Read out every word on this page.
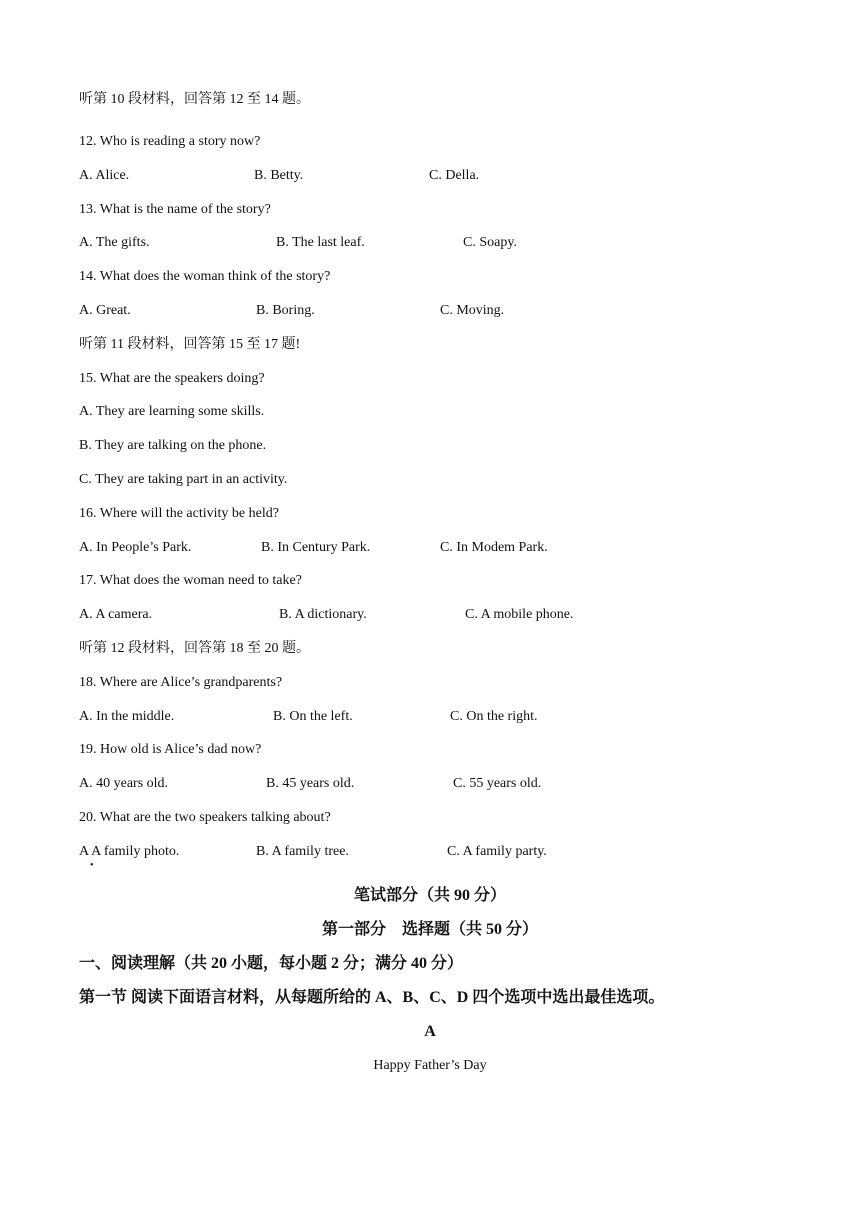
听第 10 段材料，回答第 12 至 14 题。
12. Who is reading a story now?
A. Alice.	B. Betty.	C. Della.
13. What is the name of the story?
A. The gifts.	B. The last leaf.	C. Soapy.
14. What does the woman think of the story?
A. Great.	B. Boring.	C. Moving.
听第 11 段材料，回答第 15 至 17 题!
15. What are the speakers doing?
A. They are learning some skills.
B. They are talking on the phone.
C. They are taking part in an activity.
16. Where will the activity be held?
A. In People’s Park.	B. In Century Park.	C. In Modem Park.
17. What does the woman need to take?
A. A camera.	B. A dictionary.	C. A mobile phone.
听第 12 段材料，回答第 18 至 20 题。
18. Where are Alice’s grandparents?
A. In the middle.	B. On the left.	C. On the right.
19. How old is Alice’s dad now?
A. 40 years old.	B. 45 years old.	C. 55 years old.
20. What are the two speakers talking about?
A A family photo.	B. A family tree.	C. A family party.
•
笔试部分（共 90 分）
第一部分　选择题（共 50 分）
一、阅读理解（共 20 小题，每小题 2 分；满分 40 分）
第一节 阅读下面语言材料，从每题所给的 A、B、C、D 四个选项中选出最佳选项。
A
Happy Father’s Day
